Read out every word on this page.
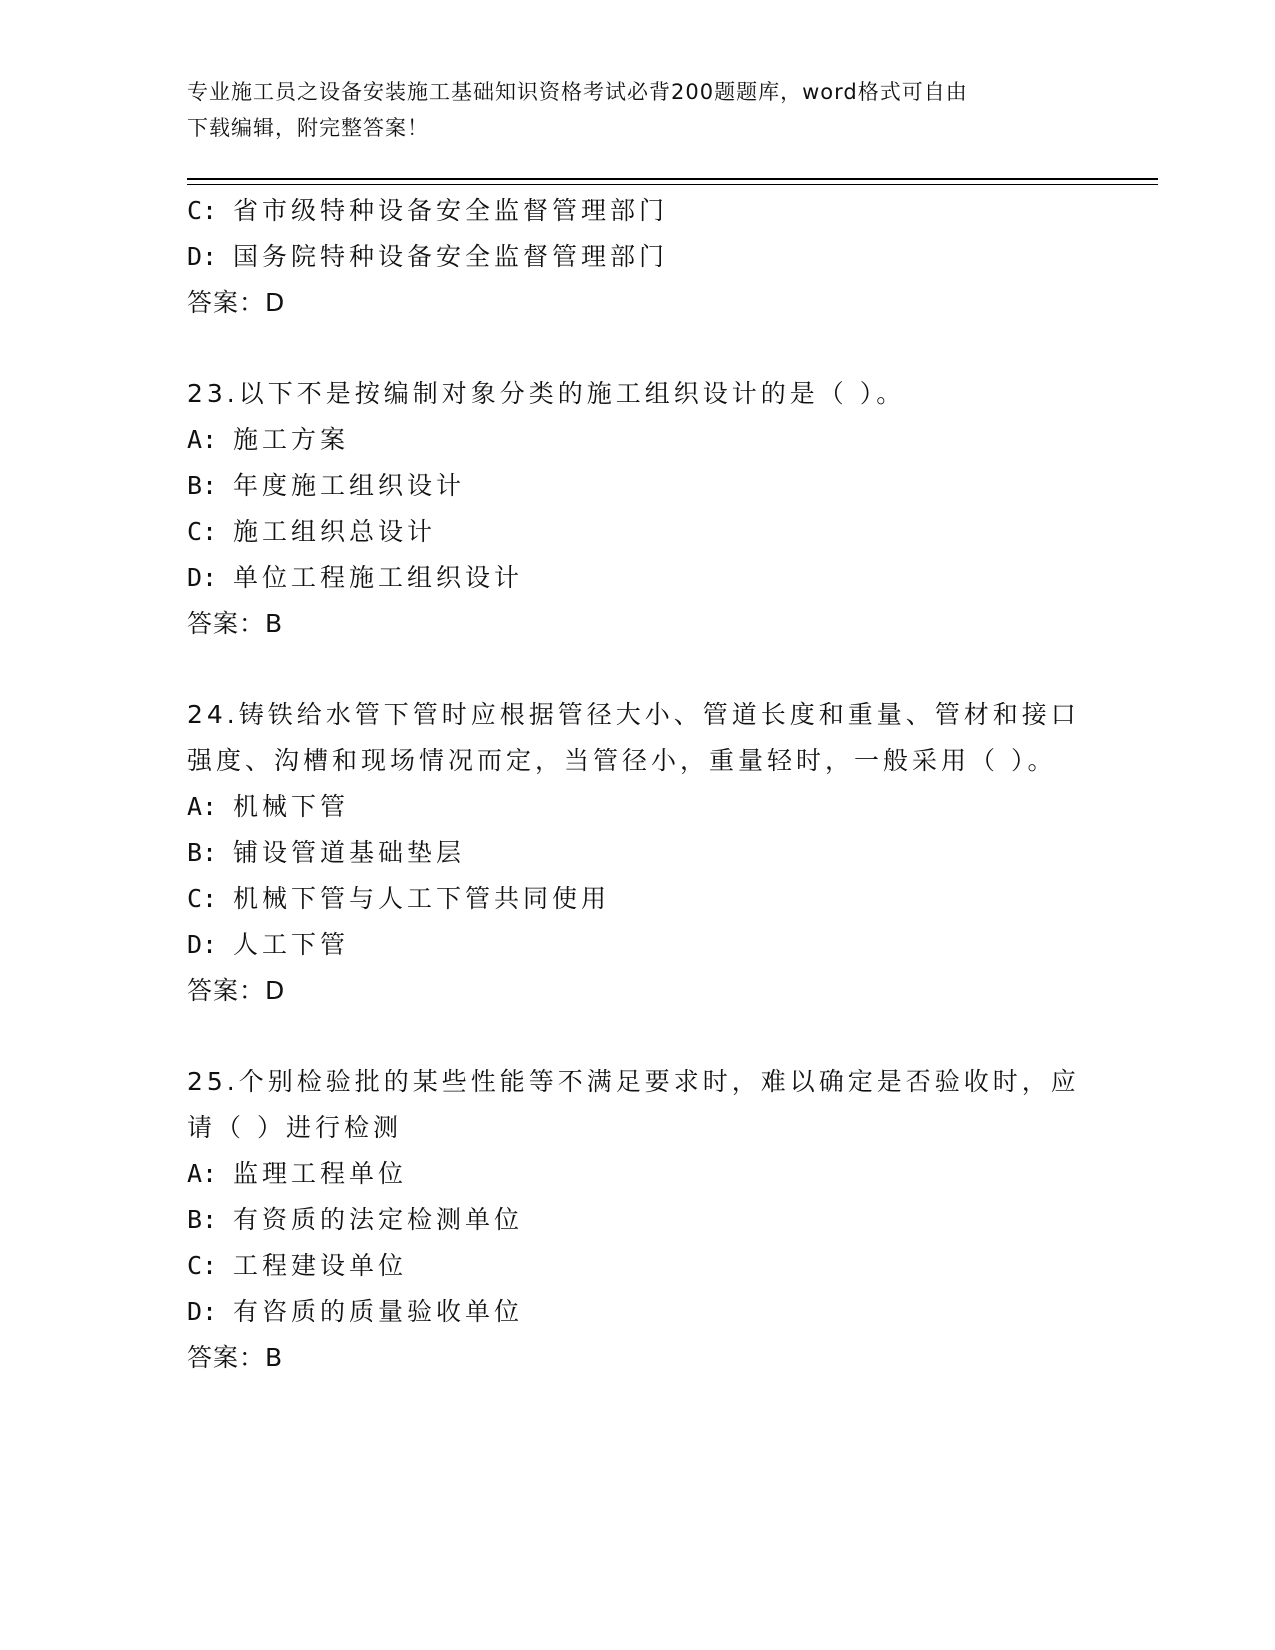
专业施工员之设备安装施工基础知识资格考试必背200题题库，word格式可自由
下载编辑，附完整答案！
C: 省市级特种设备安全监督管理部门
D: 国务院特种设备安全监督管理部门
答案：D
23.以下不是按编制对象分类的施工组织设计的是（ ）。
A: 施工方案
B: 年度施工组织设计
C: 施工组织总设计
D: 单位工程施工组织设计
答案：B
24.铸铁给水管下管时应根据管径大小、管道长度和重量、管材和接口
强度、沟槽和现场情况而定，当管径小，重量轻时，一般采用（ ）。
A: 机械下管
B: 铺设管道基础垫层
C: 机械下管与人工下管共同使用
D: 人工下管
答案：D
25.个别检验批的某些性能等不满足要求时，难以确定是否验收时，应
请（ ）进行检测
A: 监理工程单位
B: 有资质的法定检测单位
C: 工程建设单位
D: 有咨质的质量验收单位
答案：B
